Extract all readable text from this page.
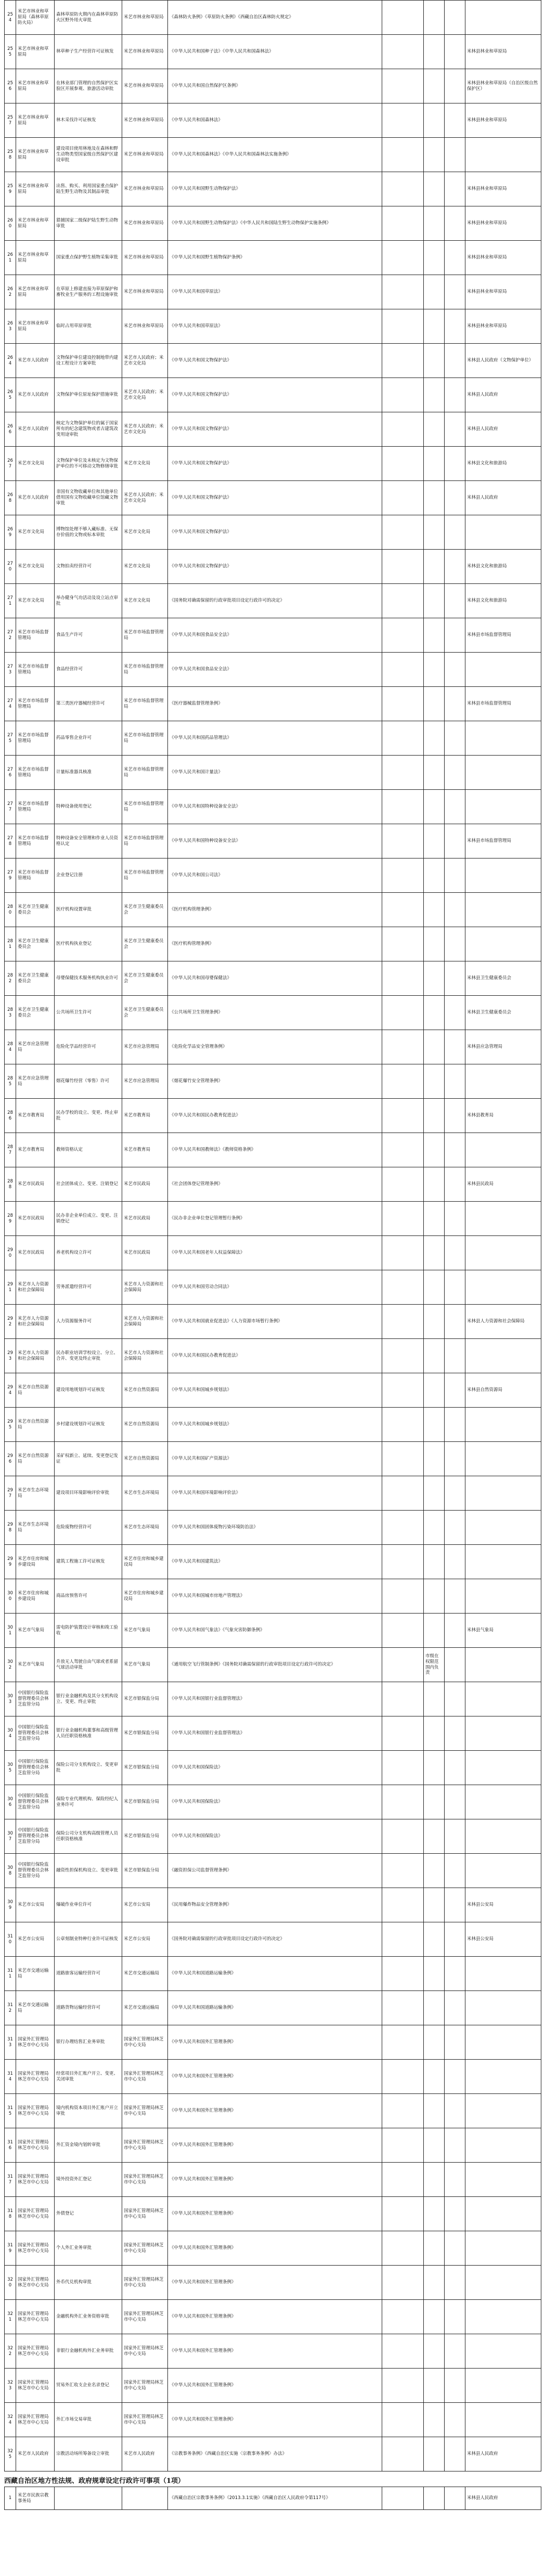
254	米艺市林业和草原局（森林草原防火局）	森林草原防火期内在森林草原防火区野外用火审批	米艺市林业和草原局	《森林防火条例》《草原防火条例》《西藏自治区森林防火规定》				
255	米艺市林业和草原局	林草种子生产经营许可证核发	米艺市林业和草原局	《中华人民共和国种子法》《中华人民共和国森林法》				米林县林业和草原局
256	米艺市林业和草原局	在林业部门管理的自然保护区实验区开展参观、旅游活动审批	米艺市林业和草原局	《中华人民共和国自然保护区条例》				米林县林业和草原局（自治区级自然保护区）
257	米艺市林业和草原局	林木采伐许可证核发	米艺市林业和草原局	《中华人民共和国森林法》				米林县林业和草原局
258	米艺市林业和草原局	建设项目使用林地及在森林和野生动物类型国家级自然保护区建设审批	米艺市林业和草原局	《中华人民共和国森林法》《中华人民共和国森林法实施条例》				
259	米艺市林业和草原局	出售、购买、利用国家重点保护陆生野生动物及其制品审批	米艺市林业和草原局	《中华人民共和国野生动物保护法》				米林县林业和草原局
260	米艺市林业和草原局	猎捕国家二级保护陆生野生动物审批	米艺市林业和草原局	《中华人民共和国野生动物保护法》《中华人民共和国陆生野生动物保护实施条例》				米林县林业和草原局
261	米艺市林业和草原局	国家重点保护野生植物采集审批	米艺市林业和草原局	《中华人民共和国野生植物保护条例》				米林县林业和草原局
262	米艺市林业和草原局	在草原上修建直接为草原保护和畜牧业生产服务的工程设施审批	米艺市林业和草原局	《中华人民共和国草原法》				米林县林业和草原局
263	米艺市林业和草原局	临时占用草原审批	米艺市林业和草原局	《中华人民共和国草原法》				米林县林业和草原局
264	米艺市人民政府	文物保护单位建设控制地带内建设工程设计方案审批	米艺市人民政府；米艺市文化局	《中华人民共和国文物保护法》				米林县人民政府（文物保护单位）
265	米艺市人民政府	文物保护单位原址保护措施审批	米艺市人民政府；米艺市文化局	《中华人民共和国文物保护法》				米林县人民政府
266	米艺市人民政府	核定为文物保护单位的属于国家所有的纪念建筑物或者古建筑改变用途审批	米艺市人民政府；米艺市文化局	《中华人民共和国文物保护法》				米林县人民政府
267	米艺市文化局	文物保护单位及未核定为文物保护单位的不可移动文物修缮审批	米艺市文化局	《中华人民共和国文物保护法》				米林县文化和旅游局
268	米艺市人民政府	非国有文物收藏单位和其他单位借用国有文物收藏单位馆藏文物审批	米艺市人民政府；米艺市文化局	《中华人民共和国文物保护法》				米林县人民政府
269	米艺市文化局	博物馆处理不够入藏标准、无保存价值的文物或标本审批	米艺市文化局	《中华人民共和国文物保护法》				
270	米艺市文化局	文物拍卖经营许可	米艺市文化局	《中华人民共和国文物保护法》				米林县文化和旅游局
271	米艺市文化局	举办健身气功活动及设立站点审批	米艺市文化局	《国务院对确需保留的行政审批项目设定行政许可的决定》				米林县文化和旅游局
272	米艺市市场监督管理局	食品生产许可	米艺市市场监督管理局	《中华人民共和国食品安全法》				米林县市场监督管理局
273	米艺市市场监督管理局	食品经营许可	米艺市市场监督管理局	《中华人民共和国食品安全法》				
274	米艺市市场监督管理局	第三类医疗器械经营许可	米艺市市场监督管理局	《医疗器械监督管理条例》				米林县市场监督管理局
275	米艺市市场监督管理局	药品零售企业许可	米艺市市场监督管理局	《中华人民共和国药品管理法》				
276	米艺市市场监督管理局	计量标准器具核准	米艺市市场监督管理局	《中华人民共和国计量法》				
277	米艺市市场监督管理局	特种设备使用登记	米艺市市场监督管理局	《中华人民共和国特种设备安全法》				
278	米艺市市场监督管理局	特种设备安全管理和作业人员资格认定	米艺市市场监督管理局	《中华人民共和国特种设备安全法》				米林县市场监督管理局
279	米艺市市场监督管理局	企业登记注册	米艺市市场监督管理局	《中华人民共和国公司法》				
280	米艺市卫生健康委员会	医疗机构设置审批	米艺市卫生健康委员会	《医疗机构管理条例》				
281	米艺市卫生健康委员会	医疗机构执业登记	米艺市卫生健康委员会	《医疗机构管理条例》				
282	米艺市卫生健康委员会	母婴保健技术服务机构执业许可	米艺市卫生健康委员会	《中华人民共和国母婴保健法》				米林县卫生健康委员会
283	米艺市卫生健康委员会	公共场所卫生许可	米艺市卫生健康委员会	《公共场所卫生管理条例》				米林县卫生健康委员会
284	米艺市应急管理局	危险化学品经营许可	米艺市应急管理局	《危险化学品安全管理条例》				米林县应急管理局
285	米艺市应急管理局	烟花爆竹经营（零售）许可	米艺市应急管理局	《烟花爆竹安全管理条例》				
286	米艺市教育局	民办学校的设立、变更、终止审批	米艺市教育局	《中华人民共和国民办教育促进法》				米林县教育局
287	米艺市教育局	教师资格认定	米艺市教育局	《中华人民共和国教师法》《教师资格条例》				
288	米艺市民政局	社会团体成立、变更、注销登记	米艺市民政局	《社会团体登记管理条例》				米林县民政局
289	米艺市民政局	民办非企业单位成立、变更、注销登记	米艺市民政局	《民办非企业单位登记管理暂行条例》				
290	米艺市民政局	养老机构设立许可	米艺市民政局	《中华人民共和国老年人权益保障法》				
291	米艺市人力资源和社会保障局	劳务派遣经营许可	米艺市人力资源和社会保障局	《中华人民共和国劳动合同法》				
292	米艺市人力资源和社会保障局	人力资源服务许可	米艺市人力资源和社会保障局	《中华人民共和国就业促进法》《人力资源市场暂行条例》				米林县人力资源和社会保障局
293	米艺市人力资源和社会保障局	民办职业培训学校设立、分立、合并、变更及终止审批	米艺市人力资源和社会保障局	《中华人民共和国民办教育促进法》				
294	米艺市自然资源局	建设用地规划许可证核发	米艺市自然资源局	《中华人民共和国城乡规划法》				米林县自然资源局
295	米艺市自然资源局	乡村建设规划许可证核发	米艺市自然资源局	《中华人民共和国城乡规划法》				
296	米艺市自然资源局	采矿权新立、延续、变更登记发证	米艺市自然资源局	《中华人民共和国矿产资源法》				
297	米艺市生态环境局	建设项目环境影响评价审批	米艺市生态环境局	《中华人民共和国环境影响评价法》				
298	米艺市生态环境局	危险废物经营许可	米艺市生态环境局	《中华人民共和国固体废物污染环境防治法》				
299	米艺市住房和城乡建设局	建筑工程施工许可证核发	米艺市住房和城乡建设局	《中华人民共和国建筑法》				
300	米艺市住房和城乡建设局	商品房预售许可	米艺市住房和城乡建设局	《中华人民共和国城市房地产管理法》				
301	米艺市气象局	雷电防护装置设计审核和竣工验收	米艺市气象局	《中华人民共和国气象法》《气象灾害防御条例》				米林县气象局
302	米艺市气象局	升放无人驾驶自由气球或者系留气球活动审批	米艺市气象局	《通用航空飞行管制条例》《国务院对确需保留的行政审批项目设定行政许可的决定》		市级在权限范围内负责		
303	中国银行保险监督管理委员会林芝监管分局	银行业金融机构及其分支机构设立、变更、终止审批	米艺市银保监分局	《中华人民共和国银行业监督管理法》				
304	中国银行保险监督管理委员会林芝监管分局	银行业金融机构董事和高级管理人员任职资格核准	米艺市银保监分局	《中华人民共和国银行业监督管理法》				
305	中国银行保险监督管理委员会林芝监管分局	保险公司分支机构设立、变更审批	米艺市银保监分局	《中华人民共和国保险法》				
306	中国银行保险监督管理委员会林芝监管分局	保险专业代理机构、保险经纪人业务许可	米艺市银保监分局	《中华人民共和国保险法》				
307	中国银行保险监督管理委员会林芝监管分局	保险公司分支机构高级管理人员任职资格核准	米艺市银保监分局	《中华人民共和国保险法》				
308	中国银行保险监督管理委员会林芝监管分局	融资性担保机构设立、变更审批	米艺市银保监分局	《融资担保公司监督管理条例》				
309	米艺市公安局	爆破作业单位许可	米艺市公安局	《民用爆炸物品安全管理条例》				米林县公安局
310	米艺市公安局	公章刻制业特种行业许可证核发	米艺市公安局	《国务院对确需保留的行政审批项目设定行政许可的决定》				米林县公安局
311	米艺市交通运输局	道路旅客运输经营许可	米艺市交通运输局	《中华人民共和国道路运输条例》				
312	米艺市交通运输局	道路货物运输经营许可	米艺市交通运输局	《中华人民共和国道路运输条例》				
313	国家外汇管理局林芝市中心支局	银行办理结售汇业务审批	国家外汇管理局林芝市中心支局	《中华人民共和国外汇管理条例》				
314	国家外汇管理局林芝市中心支局	经常项目外汇账户开立、变更、关闭审批	国家外汇管理局林芝市中心支局	《中华人民共和国外汇管理条例》				
315	国家外汇管理局林芝市中心支局	境内机构资本项目外汇账户开立审批	国家外汇管理局林芝市中心支局	《中华人民共和国外汇管理条例》				
316	国家外汇管理局林芝市中心支局	外汇资金境内划转审批	国家外汇管理局林芝市中心支局	《中华人民共和国外汇管理条例》				
317	国家外汇管理局林芝市中心支局	境外投资外汇登记	国家外汇管理局林芝市中心支局	《中华人民共和国外汇管理条例》				
318	国家外汇管理局林芝市中心支局	外债登记	国家外汇管理局林芝市中心支局	《中华人民共和国外汇管理条例》				
319	国家外汇管理局林芝市中心支局	个人外汇业务审批	国家外汇管理局林芝市中心支局	《中华人民共和国外汇管理条例》				
320	国家外汇管理局林芝市中心支局	外币代兑机构审批	国家外汇管理局林芝市中心支局	《中华人民共和国外汇管理条例》				
321	国家外汇管理局林芝市中心支局	金融机构外汇业务资格审批	国家外汇管理局林芝市中心支局	《中华人民共和国外汇管理条例》				
322	国家外汇管理局林芝市中心支局	非银行金融机构外汇业务审批	国家外汇管理局林芝市中心支局	《中华人民共和国外汇管理条例》				
323	国家外汇管理局林芝市中心支局	贸易外汇收支企业名录登记	国家外汇管理局林芝市中心支局	《中华人民共和国外汇管理条例》				
324	国家外汇管理局林芝市中心支局	外汇市场交易审批	国家外汇管理局林芝市中心支局	《中华人民共和国外汇管理条例》				
325	米艺市人民政府	宗教活动场所筹备设立审批	米艺市人民政府	《宗教事务条例》《西藏自治区实施〈宗教事务条例〉办法》				米林县人民政府
西藏自治区地方性法规、政府规章设定行政许可事项（1项）
1	米艺市民族宗教事务局			《西藏自治区宗教事务条例》（2013.3.1实施）《西藏自治区人民政府令第117号》				米林县人民政府
